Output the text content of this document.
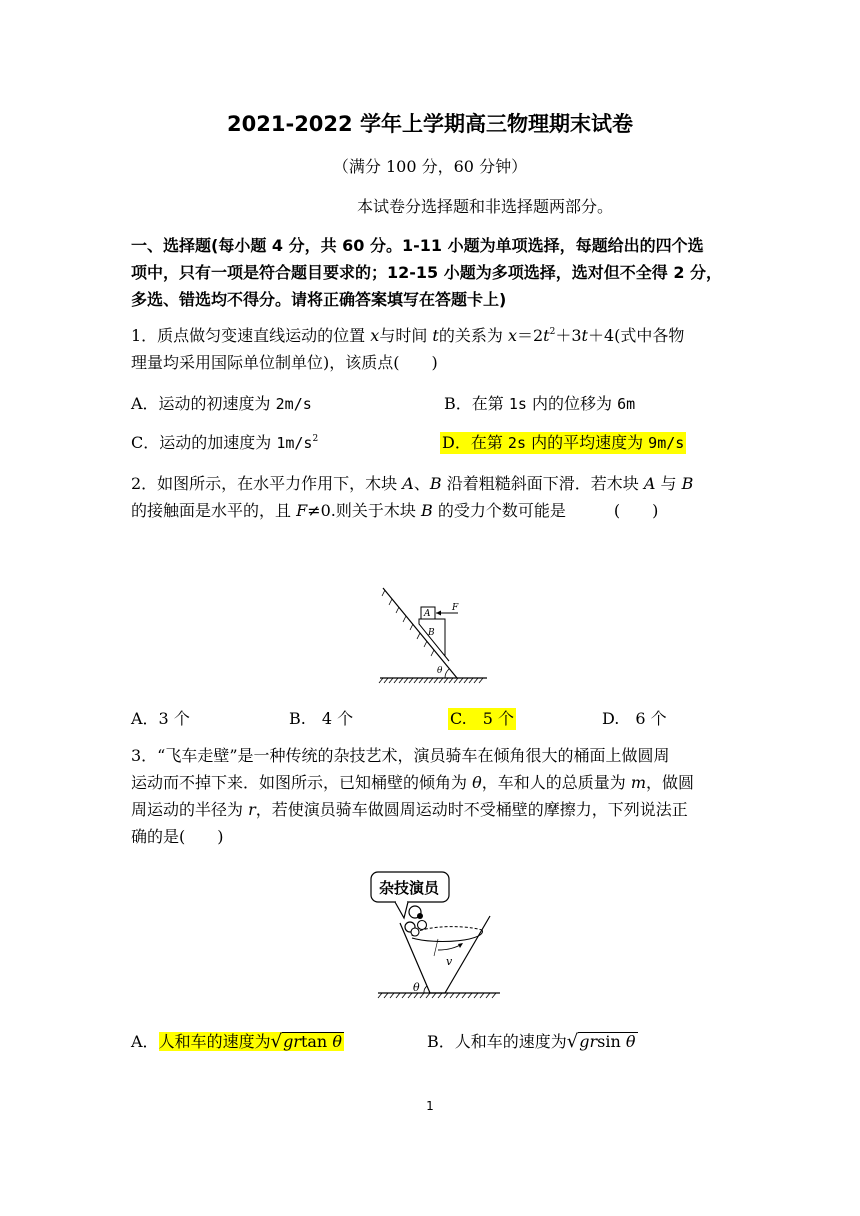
2021-2022 学年上学期高三物理期末试卷
（满分 100 分，60 分钟）
本试卷分选择题和非选择题两部分。
一、选择题(每小题 4 分，共 60 分。1-11 小题为单项选择，每题给出的四个选
项中，只有一项是符合题目要求的；12-15 小题为多项选择，选对但不全得 2 分，
多选、错选均不得分。请将正确答案填写在答题卡上)
1．质点做匀变速直线运动的位置 x与时间 t的关系为 $x=2t^2+3t+4$(式中各物
理量均采用国际单位制单位)，该质点(　　)
A．运动的初速度为 2m/s	B．在第 1s 内的位移为 6m
C．运动的加速度为 $1m/s^2$	D．在第 2s 内的平均速度为 9m/s
2．如图所示，在水平力作用下，木块 A、B 沿着粗糙斜面下滑．若木块 A 与 B
的接触面是水平的，且 F≠0.则关于木块 B 的受力个数可能是　　　(　　)
B
A
F
θ
A．3 个	B.　4 个	C.　5 个	D.　6 个
3．“飞车走壁”是一种传统的杂技艺术，演员骑车在倾角很大的桶面上做圆周
运动而不掉下来．如图所示，已知桶壁的倾角为 θ，车和人的总质量为 m，做圆
周运动的半径为 r，若使演员骑车做圆周运动时不受桶壁的摩擦力，下列说法正
确的是(　　)
杂技演员
v
θ
A．人和车的速度为√grtan θ	B．人和车的速度为√grsin θ
1
